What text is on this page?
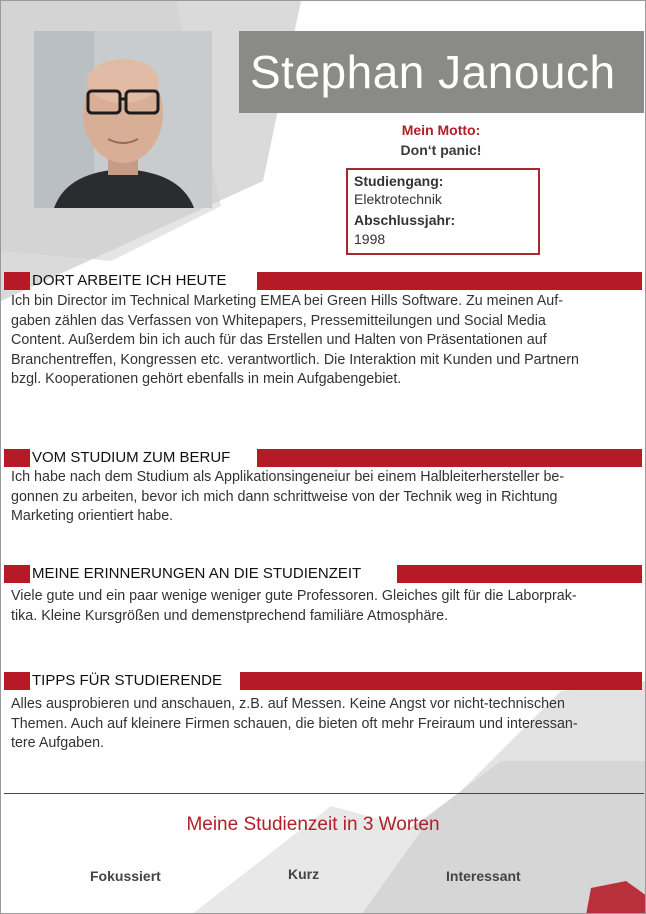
Stephan Janouch
Mein Motto:
Don‘t panic!
Studiengang:
Elektrotechnik
Abschlussjahr:
1998
DORT ARBEITE ICH HEUTE
Ich bin Director im Technical Marketing EMEA bei Green Hills Software. Zu meinen Auf-
gaben zählen das Verfassen von Whitepapers, Pressemitteilungen und Social Media
Content. Außerdem bin ich auch für das Erstellen und Halten von Präsentationen auf
Branchentreffen, Kongressen etc. verantwortlich. Die Interaktion mit Kunden und Partnern
bzgl. Kooperationen gehört ebenfalls in mein Aufgabengebiet.
VOM STUDIUM ZUM BERUF
Ich habe nach dem Studium als Applikationsingeneiur bei einem Halbleiterhersteller be-
gonnen zu arbeiten, bevor ich mich dann schrittweise von der Technik weg in Richtung
Marketing orientiert habe.
MEINE ERINNERUNGEN AN DIE STUDIENZEIT
Viele gute und ein paar wenige weniger gute Professoren. Gleiches gilt für die Laborprak-
tika. Kleine Kursgrößen und demenstprechend familiäre Atmosphäre.
TIPPS FÜR STUDIERENDE
Alles ausprobieren und anschauen, z.B. auf Messen. Keine Angst vor nicht-technischen
Themen. Auch auf kleinere Firmen schauen, die bieten oft mehr Freiraum und interessan-
tere Aufgaben.
Meine Studienzeit in 3 Worten
Fokussiert	Kurz	Interessant
